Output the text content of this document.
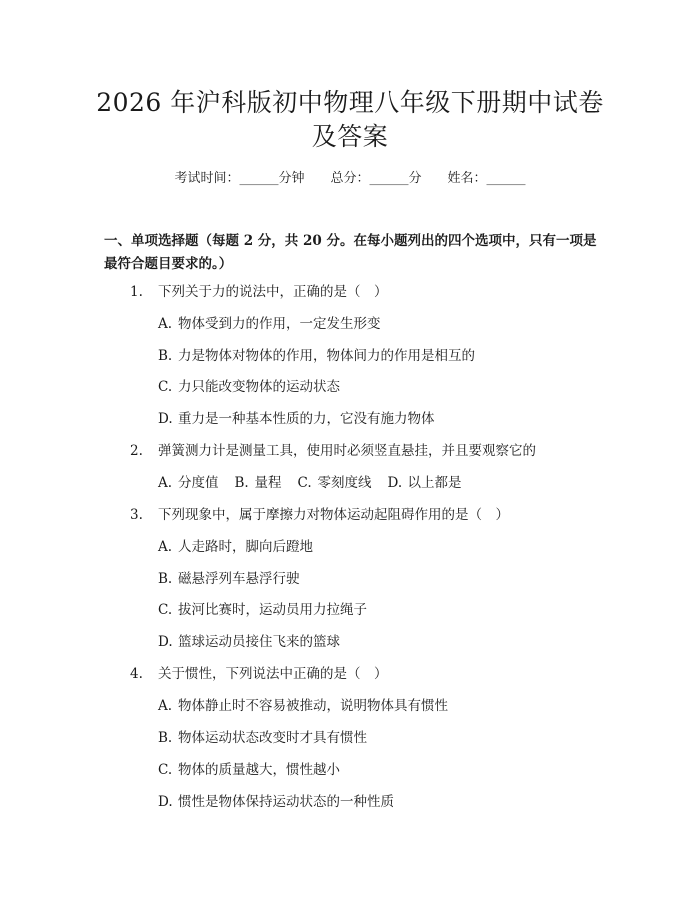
2026 年沪科版初中物理八年级下册期中试卷
及答案
考试时间：______分钟 总分：______分 姓名：______
一、单项选择题（每题 2 分，共 20 分。在每小题列出的四个选项中，只有一项是最符合题目要求的。）
1. 下列关于力的说法中，正确的是（　）
A. 物体受到力的作用，一定发生形变
B. 力是物体对物体的作用，物体间力的作用是相互的
C. 力只能改变物体的运动状态
D. 重力是一种基本性质的力，它没有施力物体
2. 弹簧测力计是测量工具，使用时必须竖直悬挂，并且要观察它的
A. 分度值 B. 量程 C. 零刻度线 D. 以上都是
3. 下列现象中，属于摩擦力对物体运动起阻碍作用的是（　）
A. 人走路时，脚向后蹬地
B. 磁悬浮列车悬浮行驶
C. 拔河比赛时，运动员用力拉绳子
D. 篮球运动员接住飞来的篮球
4. 关于惯性，下列说法中正确的是（　）
A. 物体静止时不容易被推动，说明物体具有惯性
B. 物体运动状态改变时才具有惯性
C. 物体的质量越大，惯性越小
D. 惯性是物体保持运动状态的一种性质
